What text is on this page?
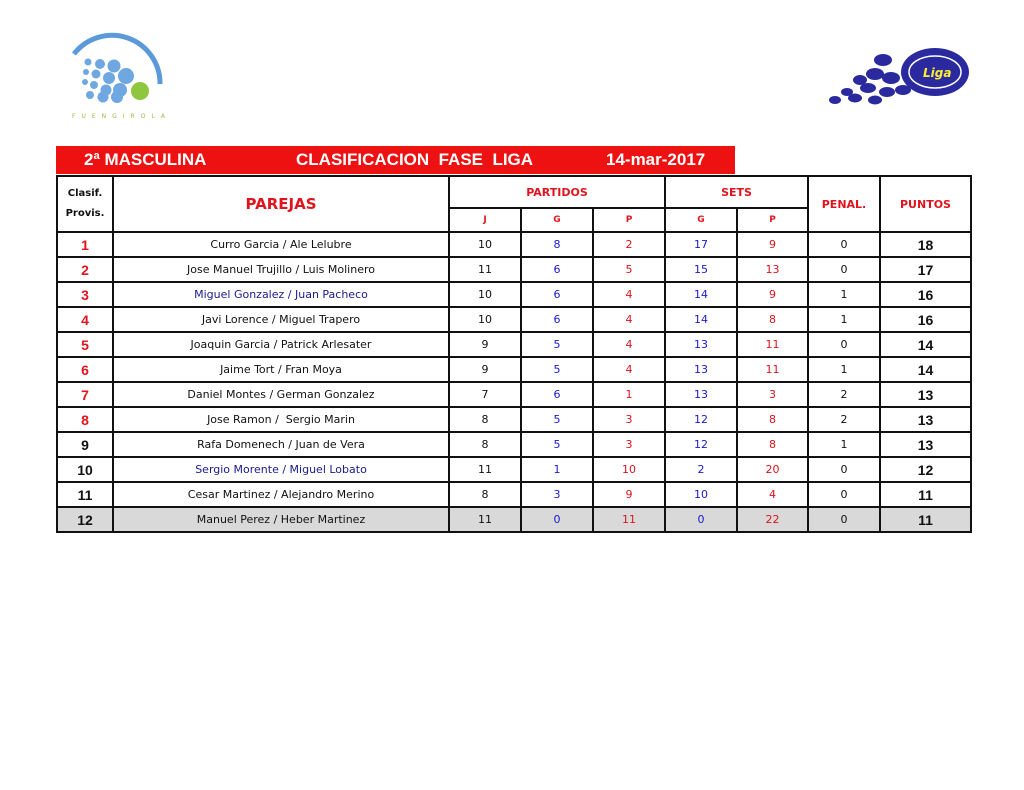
FUENGIROLA
Liga
2ª MASCULINA	CLASIFICACION  FASE  LIGA	14-mar-2017
Clasif.
Provis.	PAREJAS	PARTIDOS			SETS		PENAL.	PUNTOS
		J	G	P	G	P		
1	Curro Garcia / Ale Lelubre	10	8	2	17	9	0	18
2	Jose Manuel Trujillo / Luis Molinero	11	6	5	15	13	0	17
3	Miguel Gonzalez / Juan Pacheco	10	6	4	14	9	1	16
4	Javi Lorence / Miguel Trapero	10	6	4	14	8	1	16
5	Joaquin Garcia / Patrick Arlesater	9	5	4	13	11	0	14
6	Jaime Tort / Fran Moya	9	5	4	13	11	1	14
7	Daniel Montes / German Gonzalez	7	6	1	13	3	2	13
8	Jose Ramon /  Sergio Marin	8	5	3	12	8	2	13
9	Rafa Domenech / Juan de Vera	8	5	3	12	8	1	13
10	Sergio Morente / Miguel Lobato	11	1	10	2	20	0	12
11	Cesar Martinez / Alejandro Merino	8	3	9	10	4	0	11
12	Manuel Perez / Heber Martinez	11	0	11	0	22	0	11
